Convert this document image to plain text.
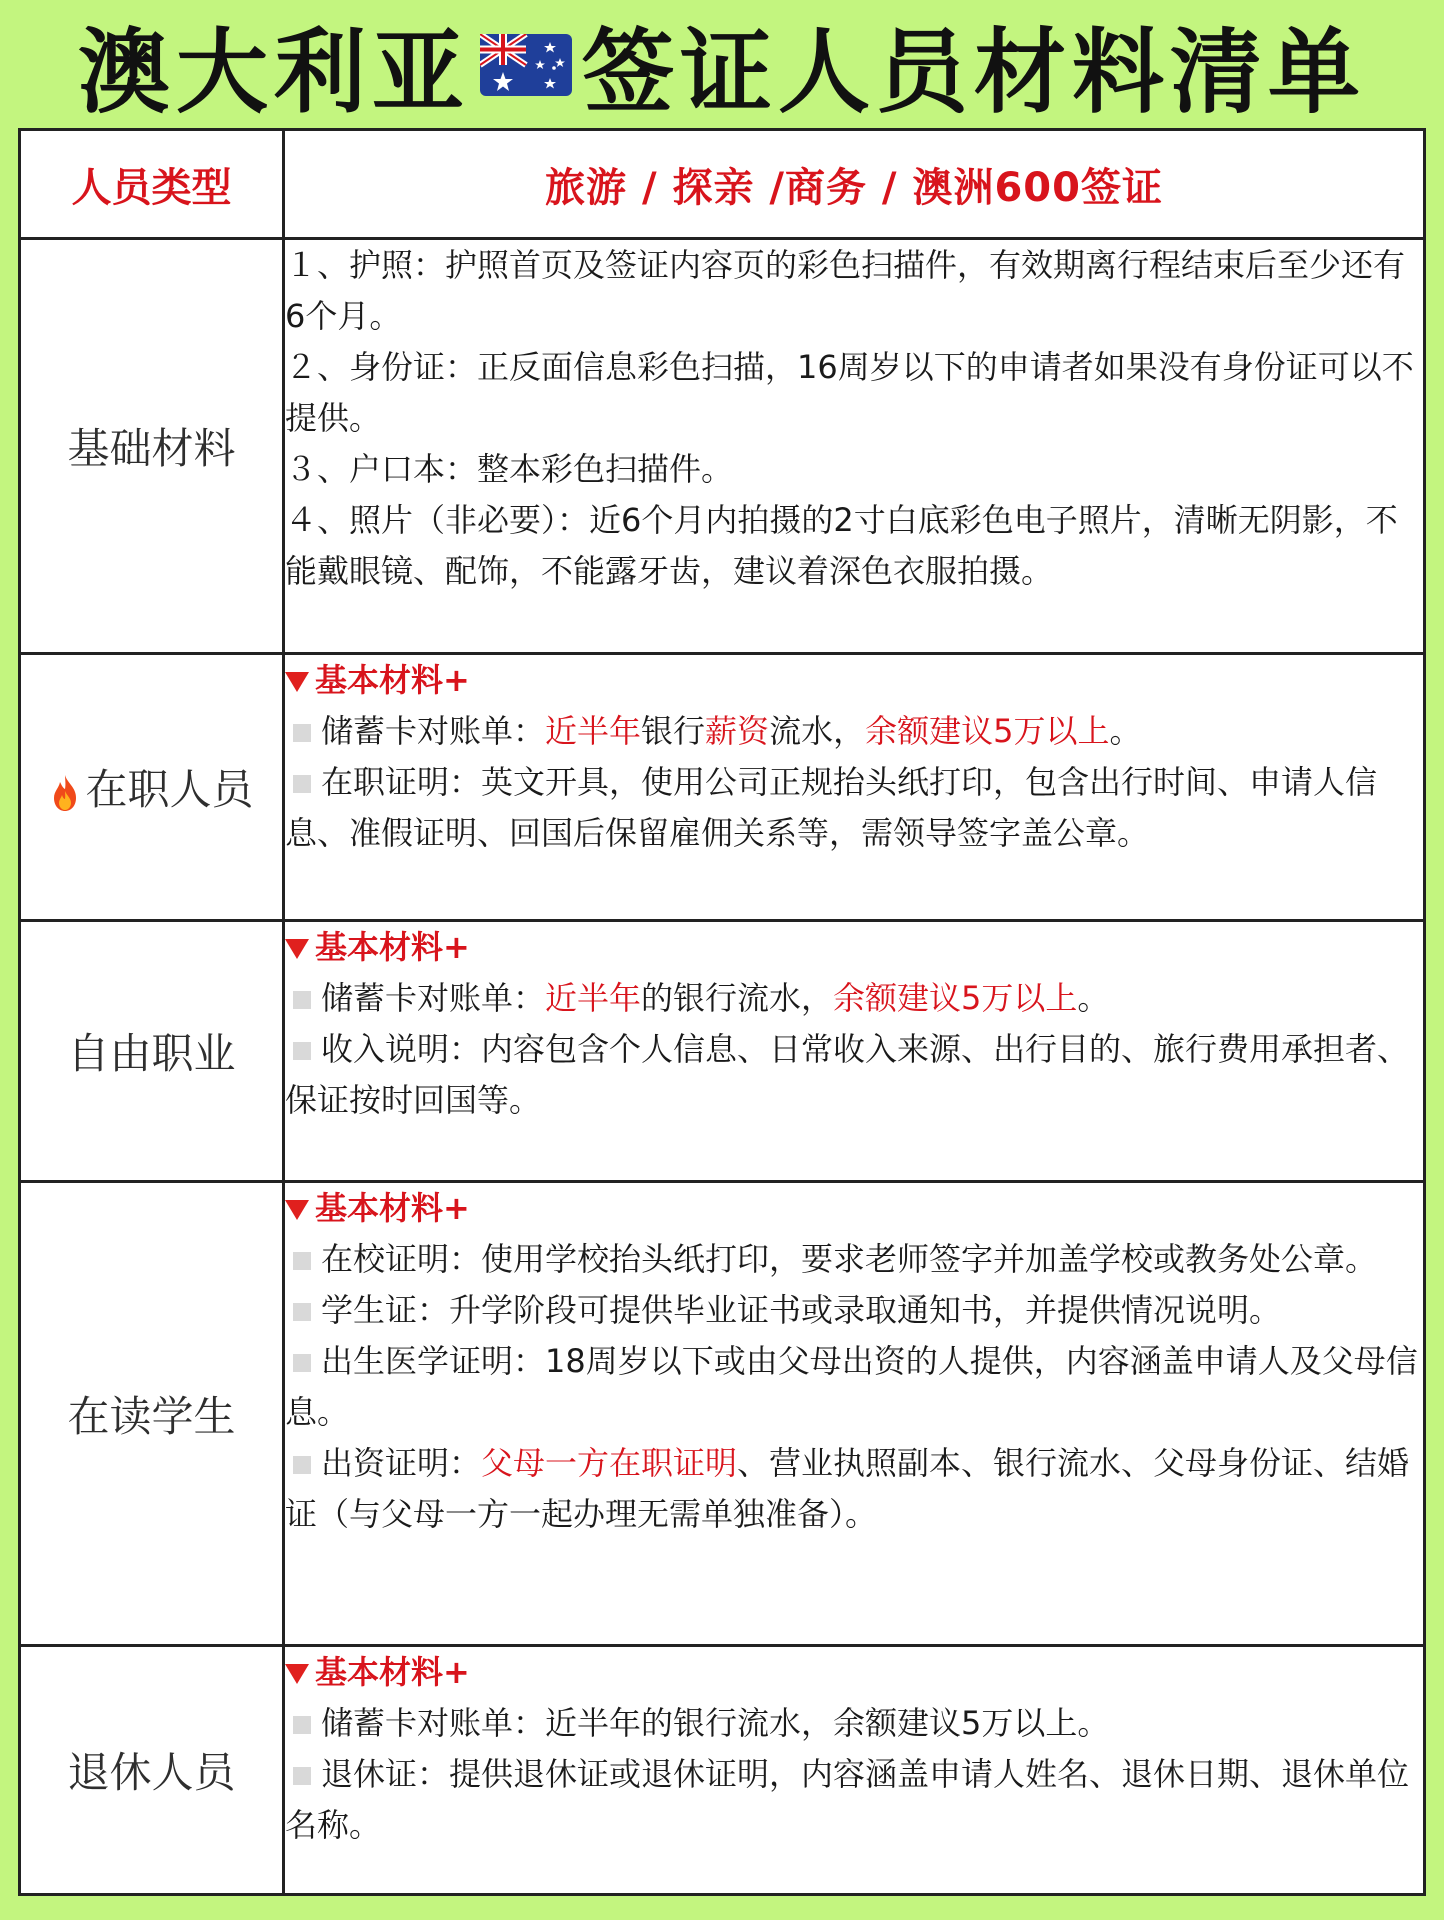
澳大利亚 签证人员材料清单
人员类型	旅游 / 探亲 /商务 / 澳洲600签证
基础材料	１、护照：护照首页及签证内容页的彩色扫描件，有效期离行程结束后至少还有6个月。
２、身份证：正反面信息彩色扫描，16周岁以下的申请者如果没有身份证可以不提供。
３、户口本：整本彩色扫描件。
４、照片（非必要）：近6个月内拍摄的2寸白底彩色电子照片，清晰无阴影，不能戴眼镜、配饰，不能露牙齿，建议着深色衣服拍摄。

在职人员	基本材料+
储蓄卡对账单：近半年银行薪资流水，余额建议5万以上。
在职证明：英文开具，使用公司正规抬头纸打印，包含出行时间、申请人信息、准假证明、回国后保留雇佣关系等，需领导签字盖公章。

自由职业	基本材料+
储蓄卡对账单：近半年的银行流水，余额建议5万以上。
收入说明：内容包含个人信息、日常收入来源、出行目的、旅行费用承担者、保证按时回国等。

在读学生	基本材料+
在校证明：使用学校抬头纸打印，要求老师签字并加盖学校或教务处公章。
学生证：升学阶段可提供毕业证书或录取通知书，并提供情况说明。
出生医学证明：18周岁以下或由父母出资的人提供，内容涵盖申请人及父母信息。
出资证明：父母一方在职证明、营业执照副本、银行流水、父母身份证、结婚证（与父母一方一起办理无需单独准备）。

退休人员	基本材料+
储蓄卡对账单：近半年的银行流水，余额建议5万以上。
退休证：提供退休证或退休证明，内容涵盖申请人姓名、退休日期、退休单位名称。
